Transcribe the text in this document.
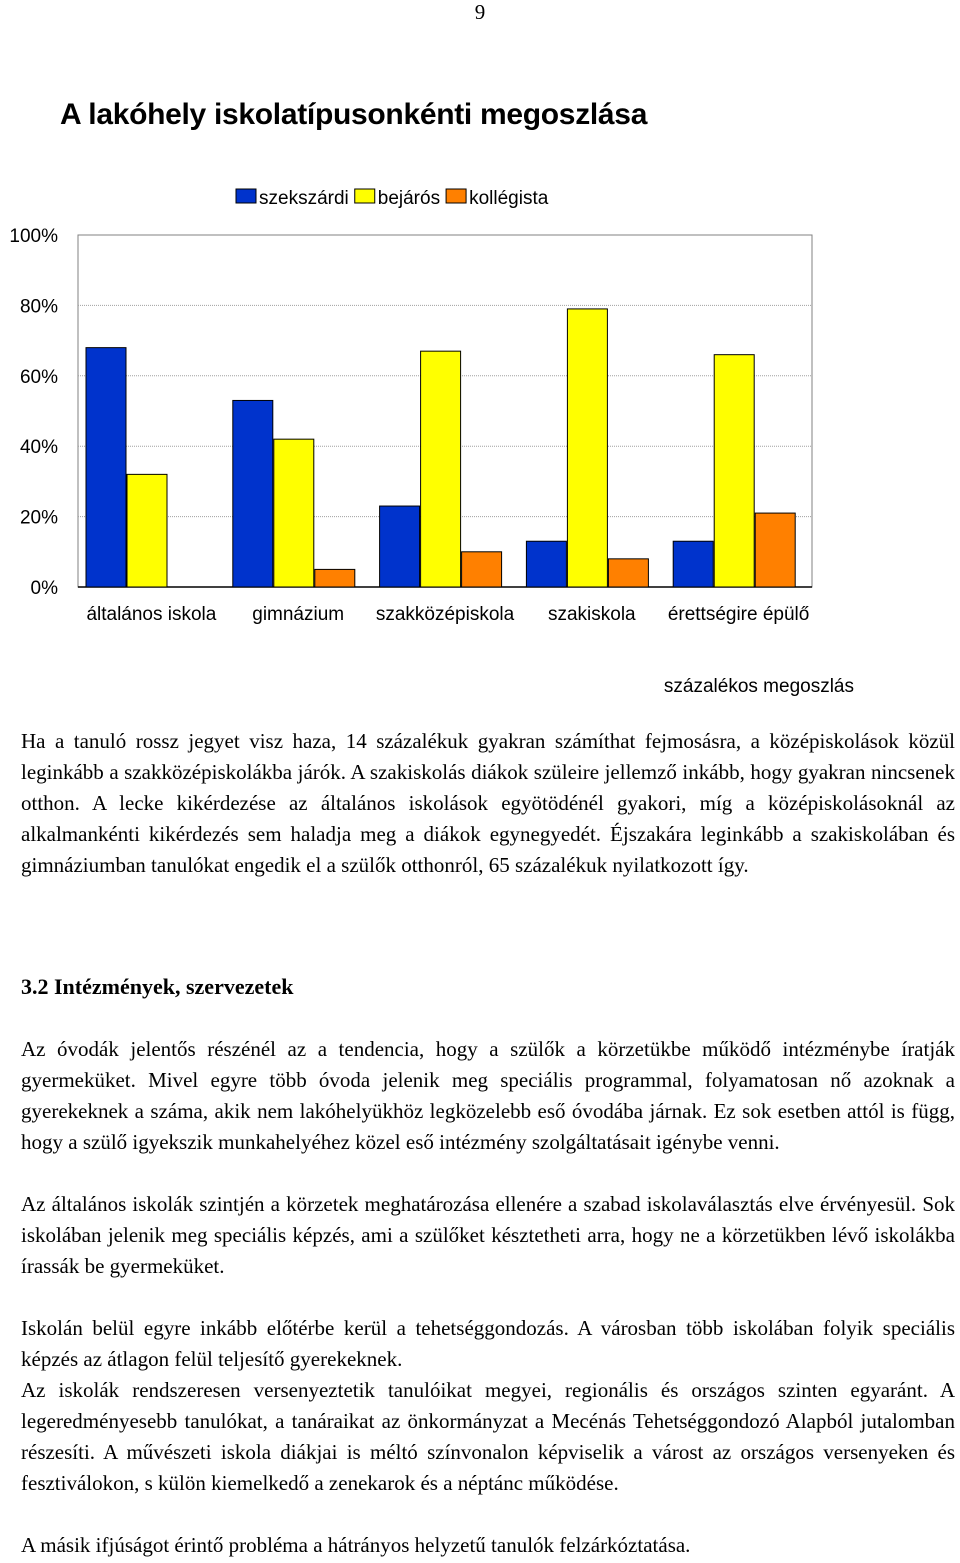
9
A lakóhely iskolatípusonkénti megoszlása
szekszárdi bejárós kollégista
0%
20%
40%
60%
80%
100%
általános iskola gimnázium szakközépiskola szakiskola érettségire épülő
százalékos megoszlás

Ha a tanuló rossz jegyet visz haza, 14 százalékuk gyakran számíthat fejmosásra, a középiskolások közül leginkább a szakközépiskolákba járók. A szakiskolás diákok szüleire jellemző inkább, hogy gyakran nincsenek otthon. A lecke kikérdezése az általános iskolások egyötödénél gyakori, míg a középiskolásoknál az alkalmankénti kikérdezés sem haladja meg a diákok egynegyedét. Éjszakára leginkább a szakiskolában és gimnáziumban tanulókat engedik el a szülők otthonról, 65 százalékuk nyilatkozott így.

3.2 Intézmények, szervezetek

Az óvodák jelentős részénél az a tendencia, hogy a szülők a körzetükbe működő intézménybe íratják gyermeküket. Mivel egyre több óvoda jelenik meg speciális programmal, folyamatosan nő azoknak a gyerekeknek a száma, akik nem lakóhelyükhöz legközelebb eső óvodába járnak. Ez sok esetben attól is függ, hogy a szülő igyekszik munkahelyéhez közel eső intézmény szolgáltatásait igénybe venni.

Az általános iskolák szintjén a körzetek meghatározása ellenére a szabad iskolaválasztás elve érvényesül. Sok iskolában jelenik meg speciális képzés, ami a szülőket késztetheti arra, hogy ne a körzetükben lévő iskolákba írassák be gyermeküket.

Iskolán belül egyre inkább előtérbe kerül a tehetséggondozás. A városban több iskolában folyik speciális képzés az átlagon felül teljesítő gyerekeknek.

Az iskolák rendszeresen versenyeztetik tanulóikat megyei, regionális és országos szinten egyaránt. A legeredményesebb tanulókat, a tanáraikat az önkormányzat a Mecénás Tehetséggondozó Alapból jutalomban részesíti. A művészeti iskola diákjai is méltó színvonalon képviselik a várost az országos versenyeken és fesztiválokon, s külön kiemelkedő a zenekarok és a néptánc működése.

A másik ifjúságot érintő probléma a hátrányos helyzetű tanulók felzárkóztatása.
